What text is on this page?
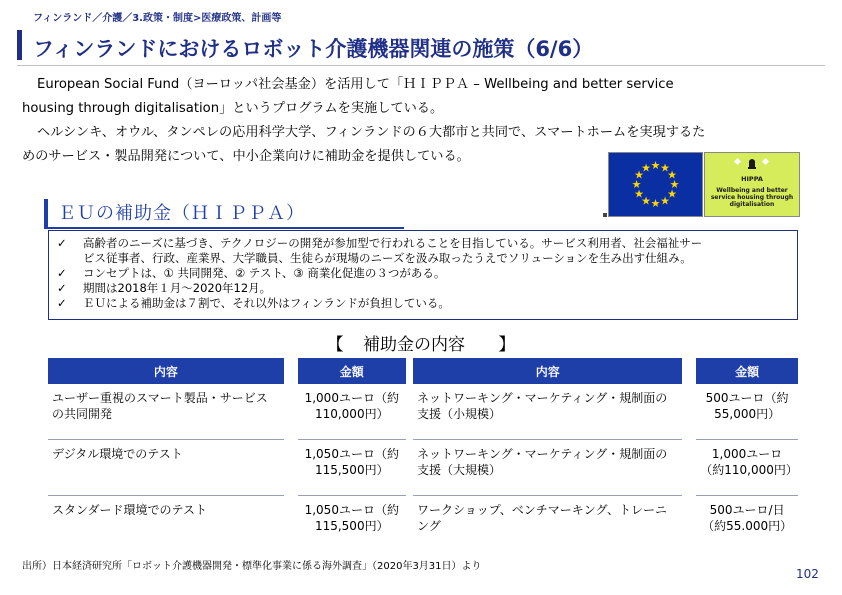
フィンランド／介護／3.政策・制度>医療政策、計画等
フィンランドにおけるロボット介護機器関連の施策（6/6）
European Social Fund（ヨーロッパ社会基金）を活用して「ＨＩＰＰＡ – Wellbeing and better service
housing through digitalisation」というプログラムを実施している。
ヘルシンキ、オウル、タンペレの応用科学大学、フィンランドの６大都市と共同で、スマートホームを実現するた
めのサービス・製品開発について、中小企業向けに補助金を提供している。
★ ★
★
★
★
★
★
★
★
★
★
★
HIPPA
Wellbeing and better service housing through digitalisation
ＥＵの補助金（ＨＩＰＰＡ）
✓ 高齢者のニーズに基づき、テクノロジーの開発が参加型で行われることを目指している。サービス利用者、社会福祉サー
ビス従事者、行政、産業界、大学職員、生徒らが現場のニーズを汲み取ったうえでソリューションを生み出す仕組み。
✓ コンセプトは、① 共同開発、② テスト、③ 商業化促進の３つがある。
✓ 期間は2018年１月～2020年12月。
✓ ＥＵによる補助金は７割で、それ以外はフィンランドが負担している。
【 補助金の内容 】
内容		金額
ユーザー重視のスマート製品・サービスの共同開発		1,000ユーロ（約110,000円）
デジタル環境でのテスト		1,050ユーロ（約115,500円）
スタンダード環境でのテスト		1,050ユーロ（約115,500円）
内容		金額
ネットワーキング・マーケティング・規制面の支援（小規模）		500ユーロ（約55,000円）
ネットワーキング・マーケティング・規制面の支援（大規模）		1,000ユーロ（約110,000円）
ワークショップ、ベンチマーキング、トレーニング		500ユーロ/日（約55.000円）
出所）日本経済研究所「ロボット介護機器開発・標準化事業に係る海外調査」（2020年3月31日）より
102
